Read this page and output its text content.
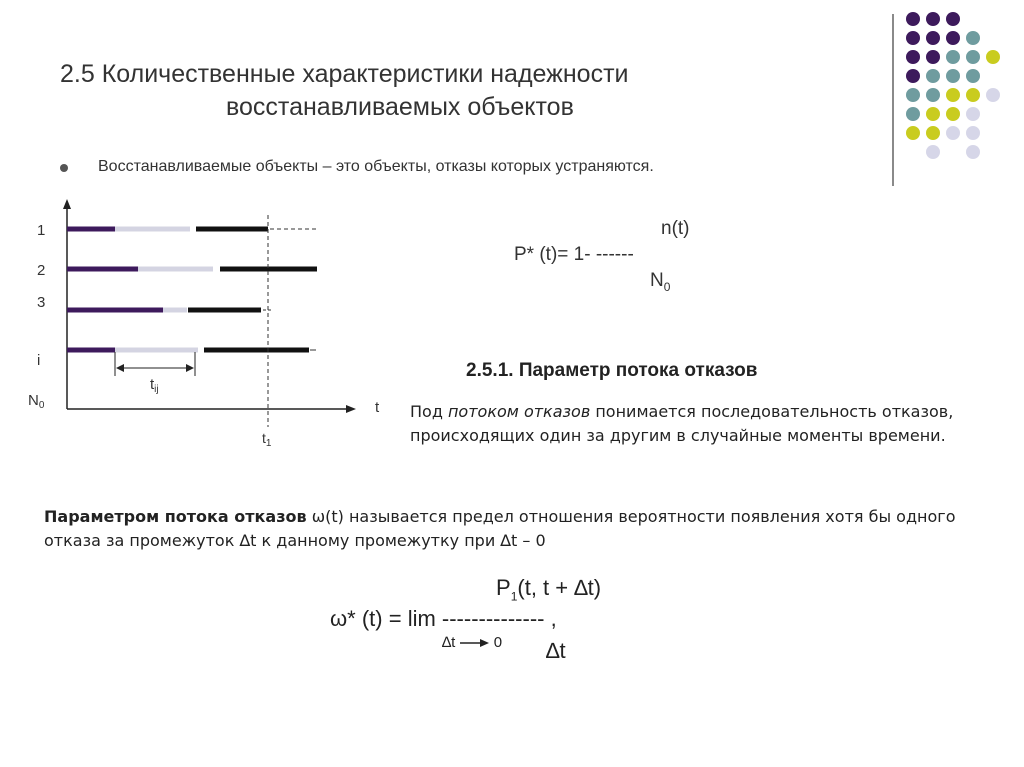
2.5 Количественные характеристики надежности
восстанавливаемых объектов
Восстанавливаемые объекты – это объекты, отказы которых устраняются.
1
2
3
i
$N_0$	t
$t_1$
$t_{ij}$
n(t)
P* (t)= 1- ------
$N_0$
2.5.1. Параметр потока отказов
Под потоком отказов понимается последовательность отказов, происходящих один за другим в случайные моменты времени.
Параметром потока отказов ω(t) называется предел отношения вероятности появления хотя бы одного отказа за промежуток ∆t к данному промежутку при ∆t – 0
$P_1(t$, t + ∆t)
ω* (t) = lim -------------- ,
∆t	0 ∆t
